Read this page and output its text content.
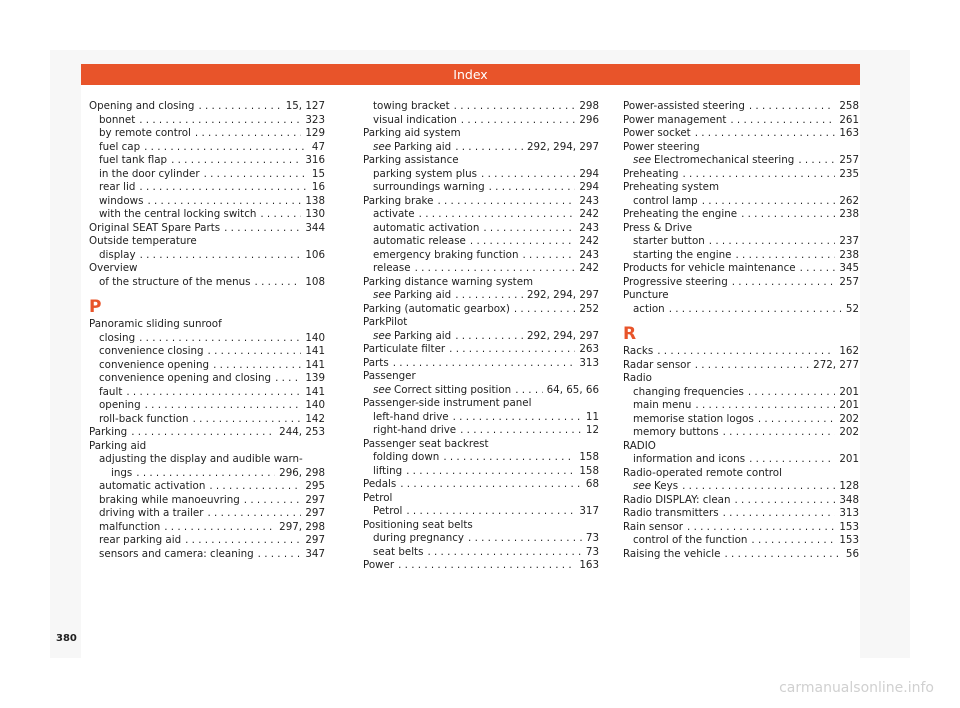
Index
Opening and closing . . .	15, 127
bonnet . . .	323
by remote control . . .	129
fuel cap . . .	47
fuel tank flap . . .	316
in the door cylinder . . .	15
rear lid . . .	16
windows . . .	138
with the central locking switch . . .	130
Original SEAT Spare Parts . . .	344
Outside temperature
display . . .	106
Overview
of the structure of the menus . . .	108
P
Panoramic sliding sunroof
closing . . .	140
convenience closing . . .	141
convenience opening . . .	141
convenience opening and closing . . .	139
fault . . .	141
opening . . .	140
roll-back function . . .	142
Parking . . .	244, 253
Parking aid
adjusting the display and audible warn-
ings . . .	296, 298
automatic activation . . .	295
braking while manoeuvring . . .	297
driving with a trailer . . .	297
malfunction . . .	297, 298
rear parking aid . . .	297
sensors and camera: cleaning . . .	347
towing bracket . . .	298
visual indication . . .	296
Parking aid system
see Parking aid . . .	292, 294, 297
Parking assistance
parking system plus . . .	294
surroundings warning . . .	294
Parking brake . . .	243
activate . . .	242
automatic activation . . .	243
automatic release . . .	242
emergency braking function . . .	243
release . . .	242
Parking distance warning system
see Parking aid . . .	292, 294, 297
Parking (automatic gearbox) . . .	252
ParkPilot
see Parking aid . . .	292, 294, 297
Particulate filter . . .	263
Parts . . .	313
Passenger
see Correct sitting position . . .	64, 65, 66
Passenger-side instrument panel
left-hand drive . . .	11
right-hand drive . . .	12
Passenger seat backrest
folding down . . .	158
lifting . . .	158
Pedals . . .	68
Petrol
Petrol . . .	317
Positioning seat belts
during pregnancy . . .	73
seat belts . . .	73
Power . . .	163
Power-assisted steering . . .	258
Power management . . .	261
Power socket . . .	163
Power steering
see Electromechanical steering . . .	257
Preheating . . .	235
Preheating system
control lamp . . .	262
Preheating the engine . . .	238
Press & Drive
starter button . . .	237
starting the engine . . .	238
Products for vehicle maintenance . . .	345
Progressive steering . . .	257
Puncture
action . . .	52
R
Racks . . .	162
Radar sensor . . .	272, 277
Radio
changing frequencies . . .	201
main menu . . .	201
memorise station logos . . .	202
memory buttons . . .	202
RADIO
information and icons . . .	201
Radio-operated remote control
see Keys . . .	128
Radio DISPLAY: clean . . .	348
Radio transmitters . . .	313
Rain sensor . . .	153
control of the function . . .	153
Raising the vehicle . . .	56
380
carmanualsonline.info
